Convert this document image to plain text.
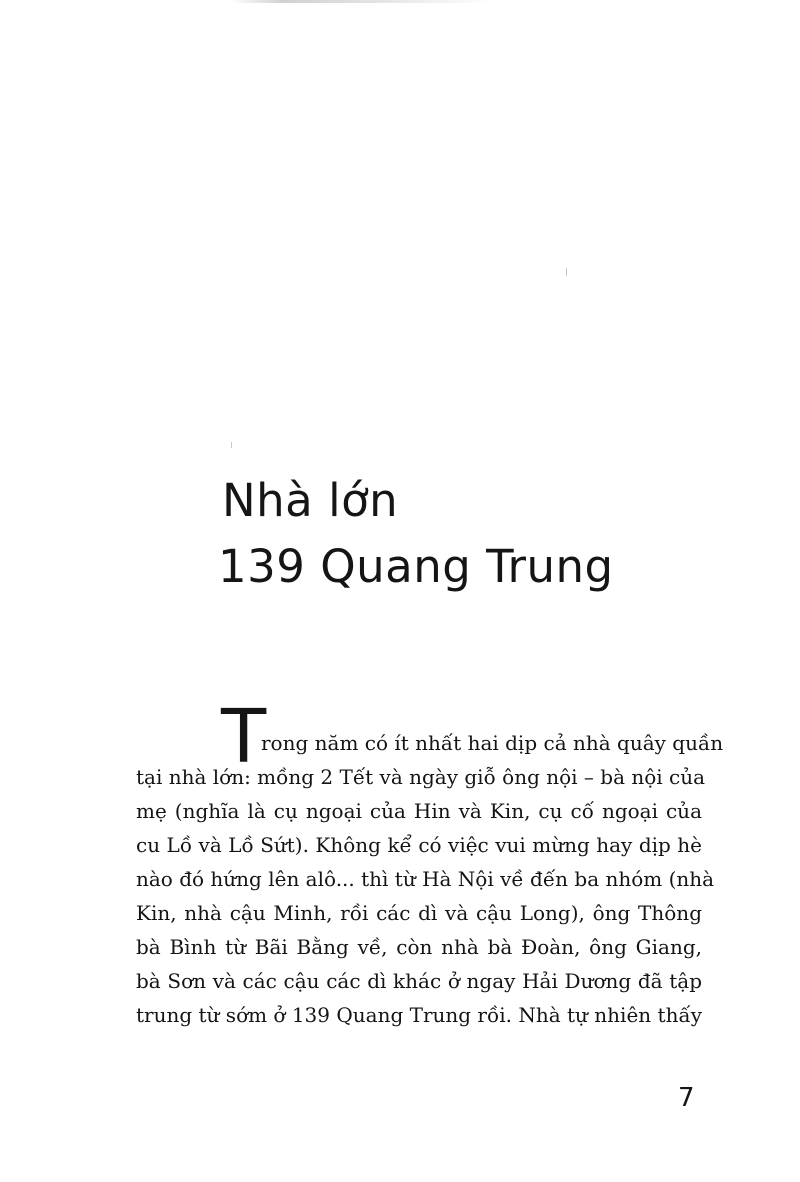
Nhà lớn
139 Quang Trung
T
rong năm có ít nhất hai dịp cả nhà quây quần
tại nhà lớn: mồng 2 Tết và ngày giỗ ông nội – bà nội của
mẹ (nghĩa là cụ ngoại của Hin và Kin, cụ cố ngoại của
cu Lồ và Lồ Sứt). Không kể có việc vui mừng hay dịp hè
nào đó hứng lên alô... thì từ Hà Nội về đến ba nhóm (nhà
Kin, nhà cậu Minh, rồi các dì và cậu Long), ông Thông
bà Bình từ Bãi Bằng về, còn nhà bà Đoàn, ông Giang,
bà Sơn và các cậu các dì khác ở ngay Hải Dương đã tập
trung từ sớm ở 139 Quang Trung rồi. Nhà tự nhiên thấy
7
